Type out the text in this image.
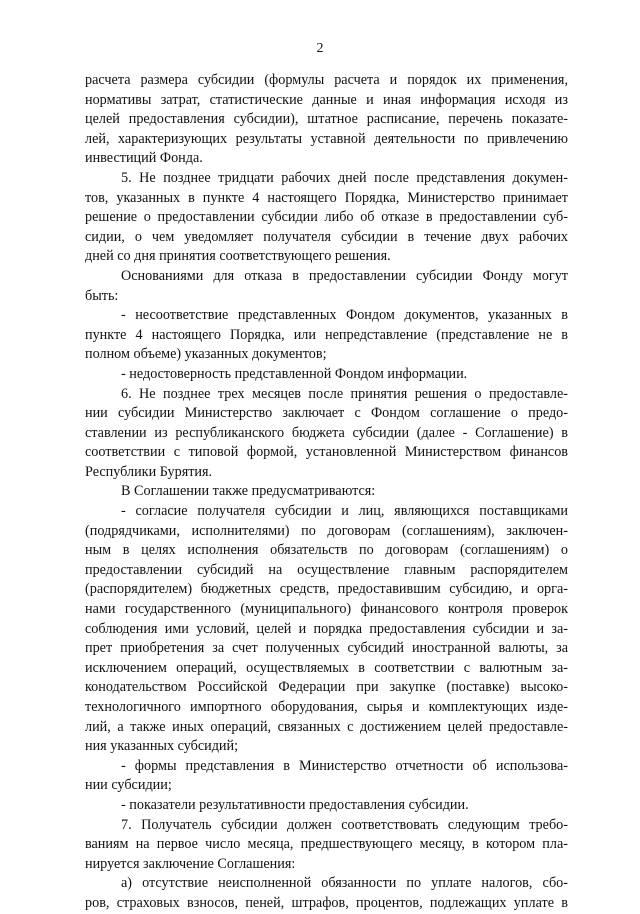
2
расчета размера субсидии (формулы расчета и порядок их применения,
нормативы затрат, статистические данные и иная информация исходя из
целей предоставления субсидии), штатное расписание, перечень показате-
лей, характеризующих результаты уставной деятельности по привлечению
инвестиций Фонда.
5. Не позднее тридцати рабочих дней после представления докумен-
тов, указанных в пункте 4 настоящего Порядка, Министерство принимает
решение о предоставлении субсидии либо об отказе в предоставлении суб-
сидии, о чем уведомляет получателя субсидии в течение двух рабочих
дней со дня принятия соответствующего решения.
Основаниями для отказа в предоставлении субсидии Фонду могут
быть:
- несоответствие представленных Фондом документов, указанных в
пункте 4 настоящего Порядка, или непредставление (представление не в
полном объеме) указанных документов;
- недостоверность представленной Фондом информации.
6. Не позднее трех месяцев после принятия решения о предоставле-
нии субсидии Министерство заключает с Фондом соглашение о предо-
ставлении из республиканского бюджета субсидии (далее - Соглашение) в
соответствии с типовой формой, установленной Министерством финансов
Республики Бурятия.
В Соглашении также предусматриваются:
- согласие получателя субсидии и лиц, являющихся поставщиками
(подрядчиками, исполнителями) по договорам (соглашениям), заключен-
ным в целях исполнения обязательств по договорам (соглашениям) о
предоставлении субсидий на осуществление главным распорядителем
(распорядителем) бюджетных средств, предоставившим субсидию, и орга-
нами государственного (муниципального) финансового контроля проверок
соблюдения ими условий, целей и порядка предоставления субсидии и за-
прет приобретения за счет полученных субсидий иностранной валюты, за
исключением операций, осуществляемых в соответствии с валютным за-
конодательством Российской Федерации при закупке (поставке) высоко-
технологичного импортного оборудования, сырья и комплектующих изде-
лий, а также иных операций, связанных с достижением целей предоставле-
ния указанных субсидий;
- формы представления в Министерство отчетности об использова-
нии субсидии;
- показатели результативности предоставления субсидии.
7. Получатель субсидии должен соответствовать следующим требо-
ваниям на первое число месяца, предшествующего месяцу, в котором пла-
нируется заключение Соглашения:
а) отсутствие неисполненной обязанности по уплате налогов, сбо-
ров, страховых взносов, пеней, штрафов, процентов, подлежащих уплате в
